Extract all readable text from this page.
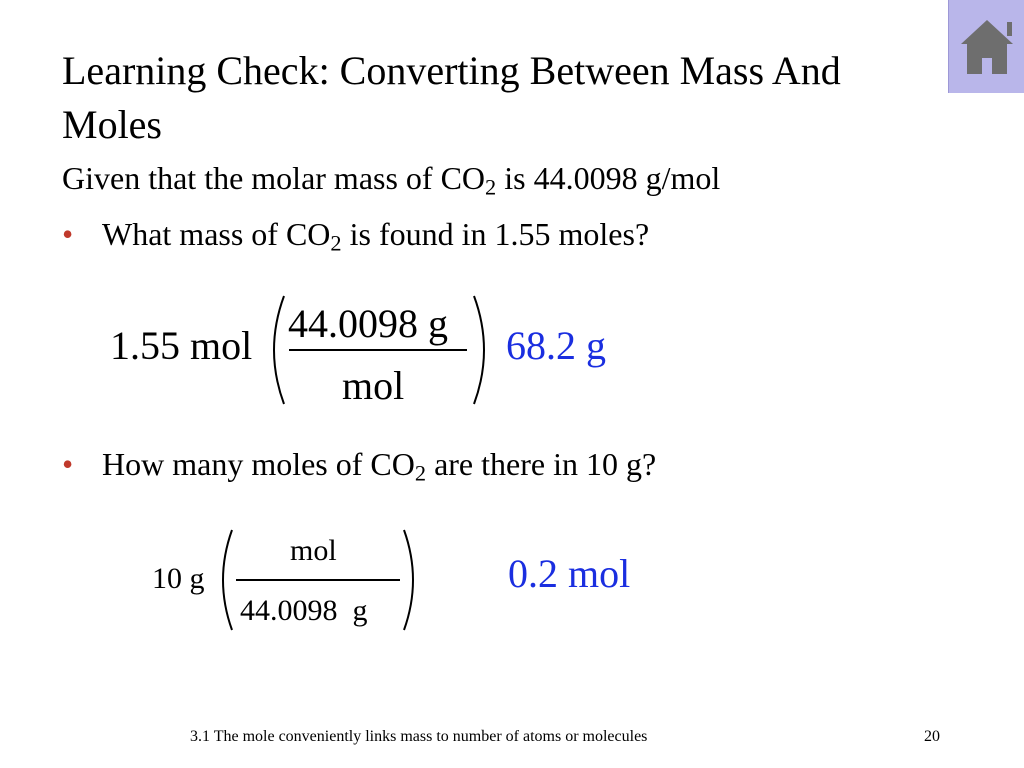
Learning Check: Converting Between Mass And Moles
Given that the molar mass of $CO_2$ is 44.0098 g/mol
• What mass of $CO_2$ is found in 1.55 moles?
1.55 mol 44.0098 g
mol
68.2 g
• How many moles of $CO_2$ are there in 10 g?
10 g
mol
44.0098  g
0.2 mol
3.1 The mole conveniently links mass to number of atoms or molecules	20
